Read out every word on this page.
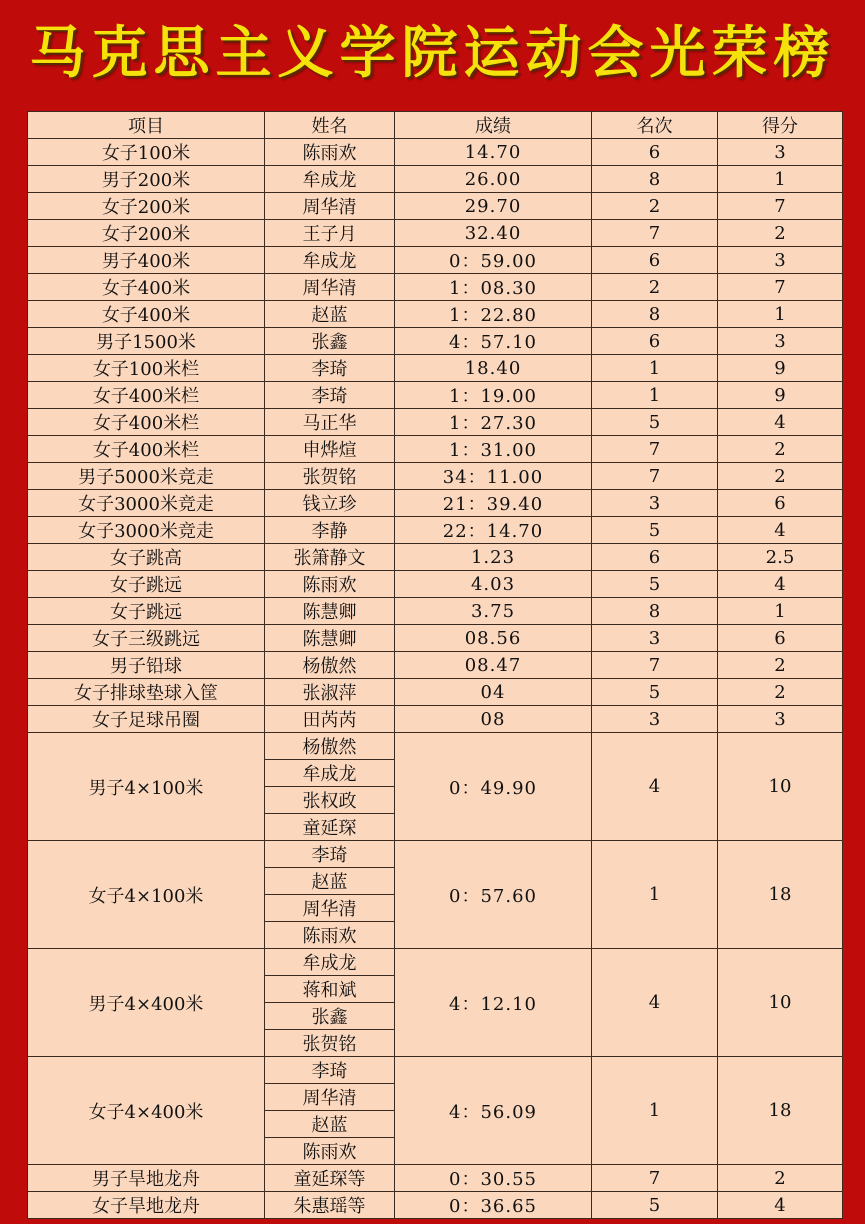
马克思主义学院运动会光荣榜
项目	姓名	成绩	名次	得分
女子100米	陈雨欢	14.70	6	3
男子200米	牟成龙	26.00	8	1
女子200米	周华清	29.70	2	7
女子200米	王子月	32.40	7	2
男子400米	牟成龙	0：59.00	6	3
女子400米	周华清	1：08.30	2	7
女子400米	赵蓝	1：22.80	8	1
男子1500米	张鑫	4：57.10	6	3
女子100米栏	李琦	18.40	1	9
女子400米栏	李琦	1：19.00	1	9
女子400米栏	马正华	1：27.30	5	4
女子400米栏	申烨煊	1：31.00	7	2
男子5000米竞走	张贺铭	34：11.00	7	2
女子3000米竞走	钱立珍	21：39.40	3	6
女子3000米竞走	李静	22：14.70	5	4
女子跳高	张箫静文	1.23	6	2.5
女子跳远	陈雨欢	4.03	5	4
女子跳远	陈慧卿	3.75	8	1
女子三级跳远	陈慧卿	08.56	3	6
男子铅球	杨傲然	08.47	7	2
女子排球垫球入筐	张淑萍	04	5	2
女子足球吊圈	田芮芮	08	3	3
男子4×100米	杨傲然	0：49.90	4	10
	牟成龙			
	张权政			
	童延琛			
女子4×100米	李琦	0：57.60	1	18
	赵蓝			
	周华清			
	陈雨欢			
男子4×400米	牟成龙	4：12.10	4	10
	蒋和斌			
	张鑫			
	张贺铭			
女子4×400米	李琦	4：56.09	1	18
	周华清			
	赵蓝			
	陈雨欢			
男子旱地龙舟	童延琛等	0：30.55	7	2
女子旱地龙舟	朱惠瑶等	0：36.65	5	4
